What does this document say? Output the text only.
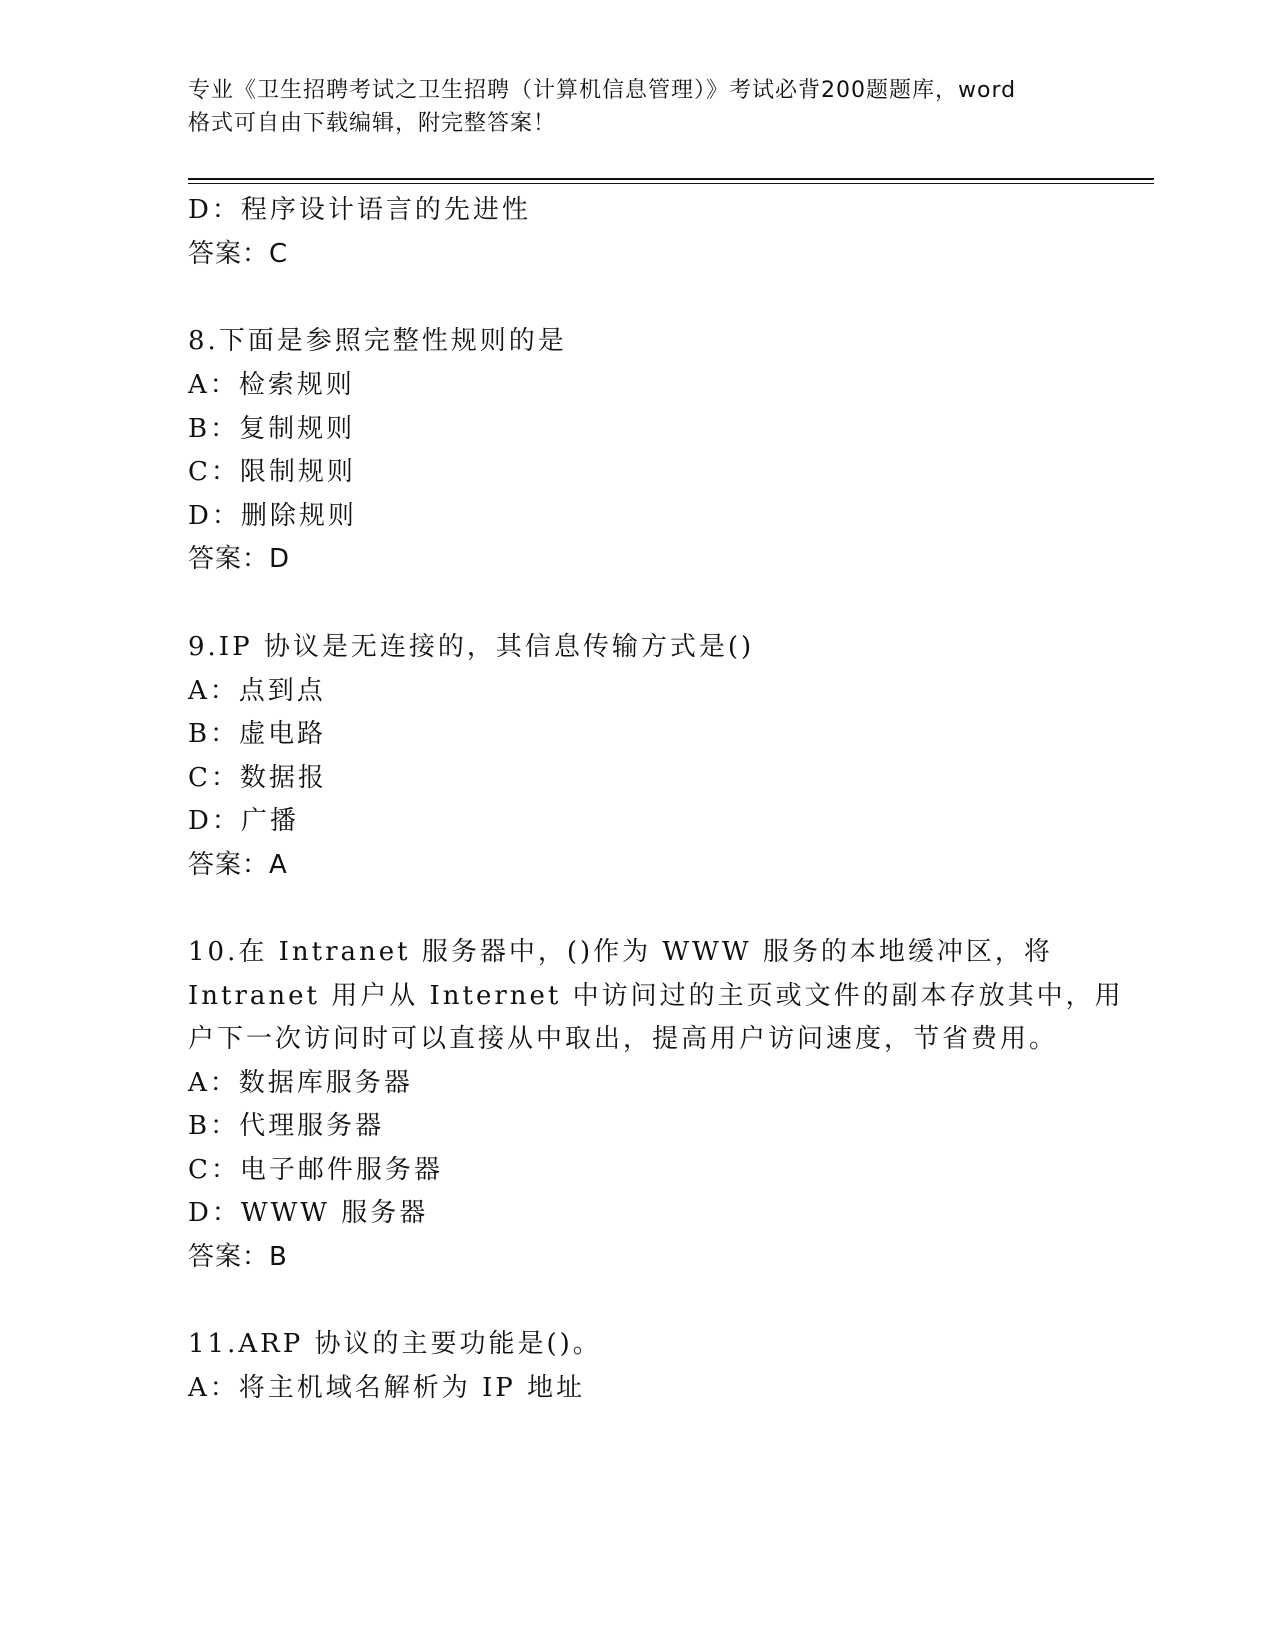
专业《卫生招聘考试之卫生招聘（计算机信息管理）》考试必背200题题库，word
格式可自由下载编辑，附完整答案！
D：程序设计语言的先进性
答案：C
8.下面是参照完整性规则的是
A：检索规则
B：复制规则
C：限制规则
D：删除规则
答案：D
9.IP 协议是无连接的，其信息传输方式是()
A：点到点
B：虚电路
C：数据报
D：广播
答案：A
10.在 Intranet 服务器中，()作为 WWW 服务的本地缓冲区，将
Intranet 用户从 Internet 中访问过的主页或文件的副本存放其中，用
户下一次访问时可以直接从中取出，提高用户访问速度，节省费用。
A：数据库服务器
B：代理服务器
C：电子邮件服务器
D：WWW 服务器
答案：B
11.ARP 协议的主要功能是()。
A：将主机域名解析为 IP 地址
